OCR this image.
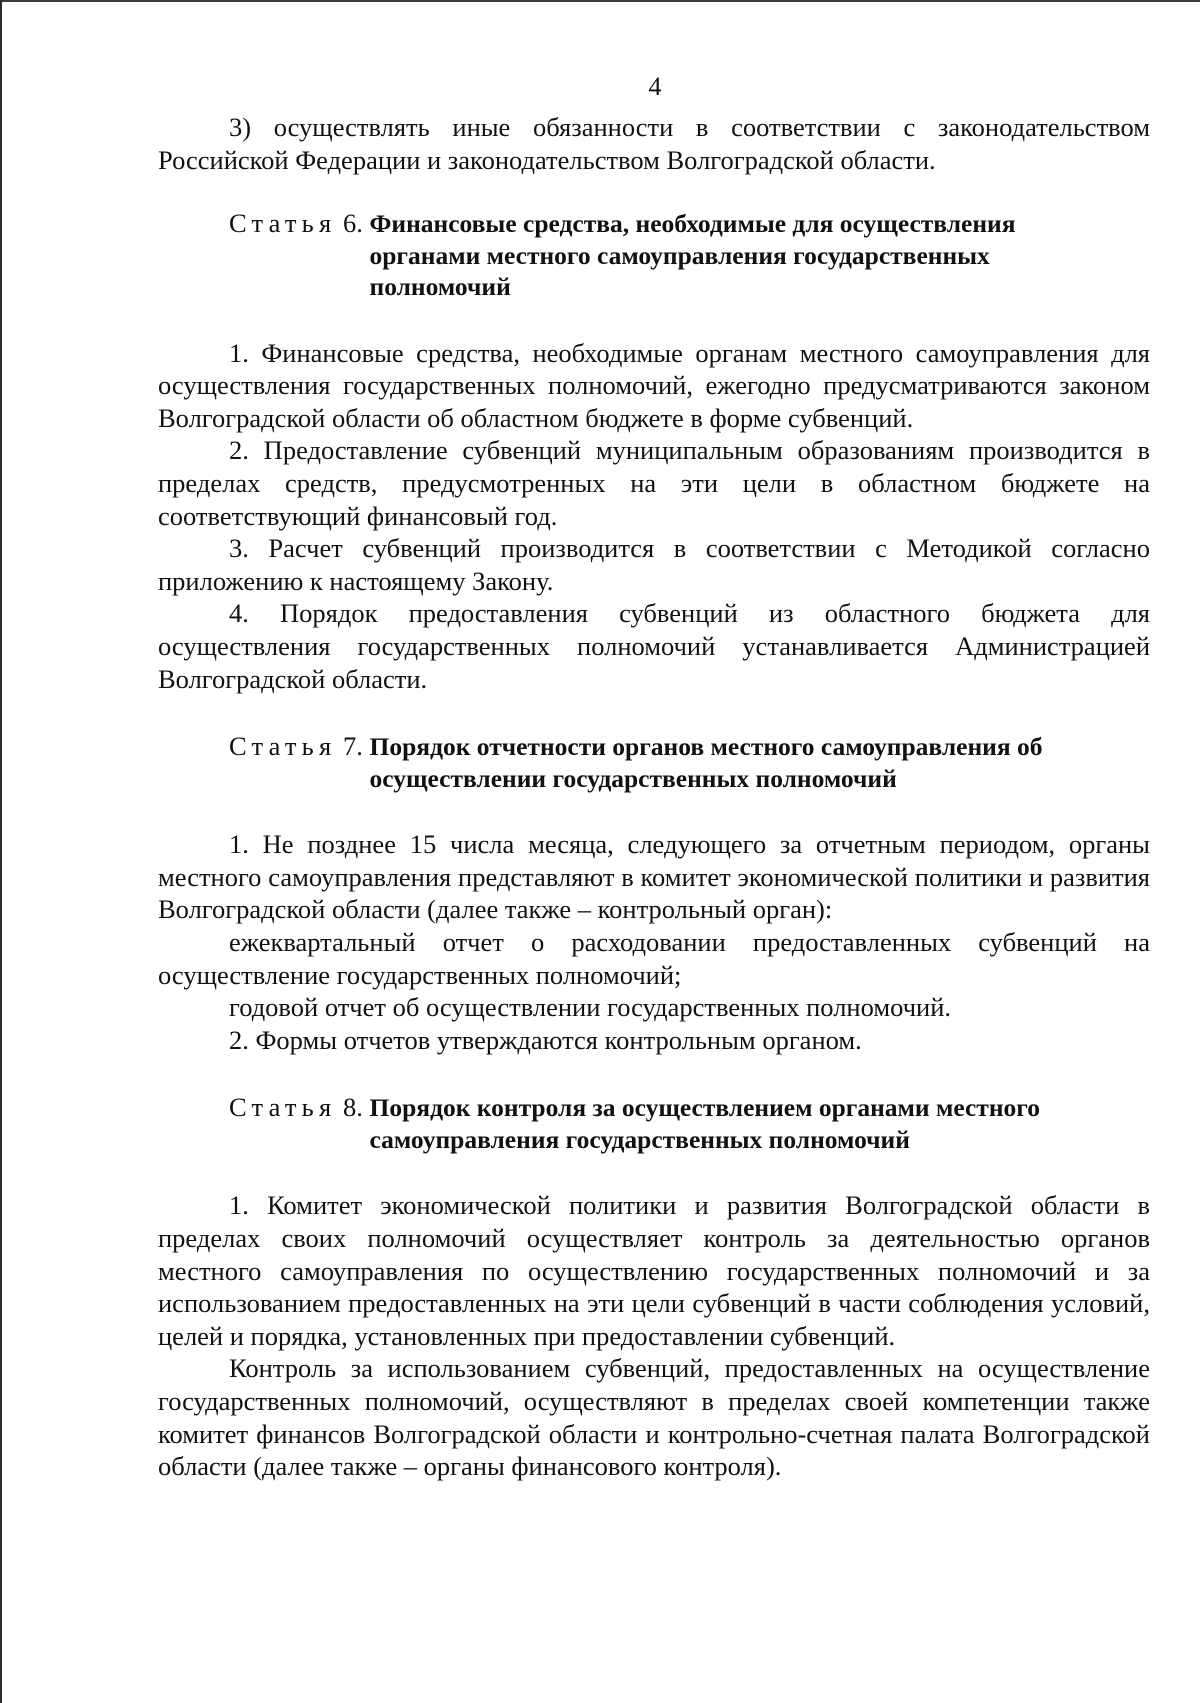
4

3) осуществлять иные обязанности в соответствии с законодательством Российской Федерации и законодательством Волгоградской области.

Статья 6. Финансовые средства, необходимые для осуществления органами местного самоуправления государственных полномочий

1. Финансовые средства, необходимые органам местного самоуправления для осуществления государственных полномочий, ежегодно предусматриваются законом Волгоградской области об областном бюджете в форме субвенций.

2. Предоставление субвенций муниципальным образованиям производится в пределах средств, предусмотренных на эти цели в областном бюджете на соответствующий финансовый год.

3. Расчет субвенций производится в соответствии с Методикой согласно приложению к настоящему Закону.

4. Порядок предоставления субвенций из областного бюджета для осуществления государственных полномочий устанавливается Администрацией Волгоградской области.

Статья 7. Порядок отчетности органов местного самоуправления об осуществлении государственных полномочий

1. Не позднее 15 числа месяца, следующего за отчетным периодом, органы местного самоуправления представляют в комитет экономической политики и развития Волгоградской области (далее также – контрольный орган):

ежеквартальный отчет о расходовании предоставленных субвенций на осуществление государственных полномочий;

годовой отчет об осуществлении государственных полномочий.

2. Формы отчетов утверждаются контрольным органом.

Статья 8. Порядок контроля за осуществлением органами местного самоуправления государственных полномочий

1. Комитет экономической политики и развития Волгоградской области в пределах своих полномочий осуществляет контроль за деятельностью органов местного самоуправления по осуществлению государственных полномочий и за использованием предоставленных на эти цели субвенций в части соблюдения условий, целей и порядка, установленных при предоставлении субвенций.

Контроль за использованием субвенций, предоставленных на осуществление государственных полномочий, осуществляют в пределах своей компетенции также комитет финансов Волгоградской области и контрольно-счетная палата Волгоградской области (далее также – органы финансового контроля).
